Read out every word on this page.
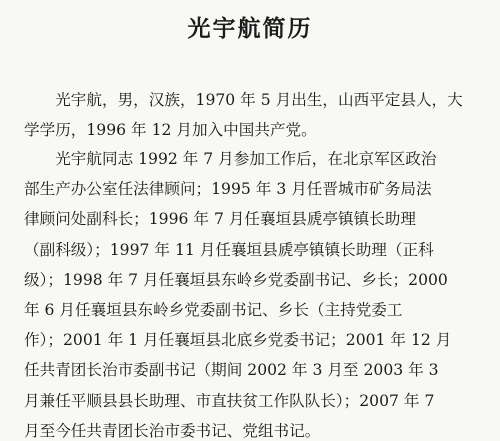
光宇航简历
　　光宇航，男，汉族，1970 年 5 月出生，山西平定县人，大
学学历，1996 年 12 月加入中国共产党。
　　光宇航同志 1992 年 7 月参加工作后，在北京军区政治
部生产办公室任法律顾问；1995 年 3 月任晋城市矿务局法
律顾问处副科长；1996 年 7 月任襄垣县虒亭镇镇长助理
（副科级）；1997 年 11 月任襄垣县虒亭镇镇长助理（正科
级）；1998 年 7 月任襄垣县东岭乡党委副书记、乡长；2000
年 6 月任襄垣县东岭乡党委副书记、乡长（主持党委工
作）；2001 年 1 月任襄垣县北底乡党委书记；2001 年 12 月
任共青团长治市委副书记（期间 2002 年 3 月至 2003 年 3
月兼任平顺县县长助理、市直扶贫工作队队长）；2007 年 7
月至今任共青团长治市委书记、党组书记。
